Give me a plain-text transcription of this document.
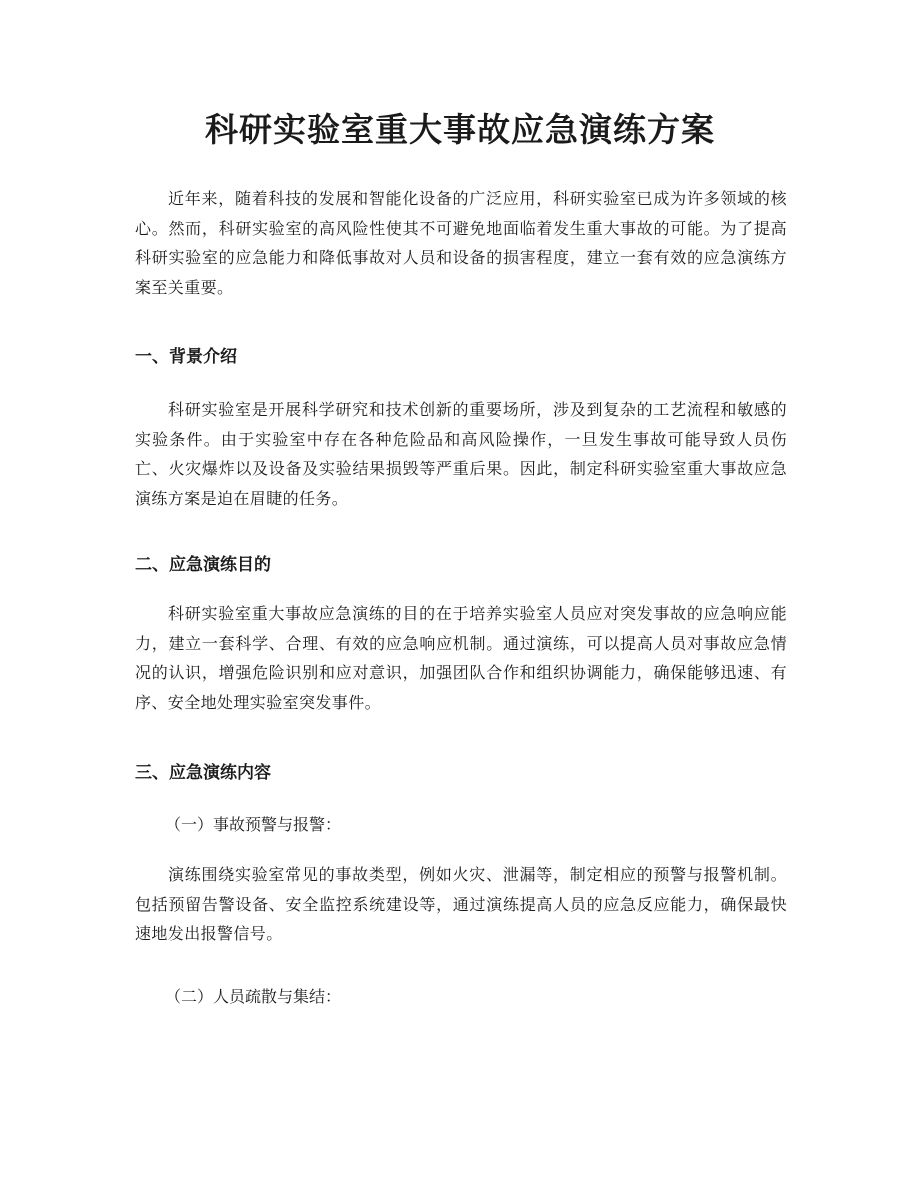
科研实验室重大事故应急演练方案

近年来，随着科技的发展和智能化设备的广泛应用，科研实验室已成为许多领域的核心。然而，科研实验室的高风险性使其不可避免地面临着发生重大事故的可能。为了提高科研实验室的应急能力和降低事故对人员和设备的损害程度，建立一套有效的应急演练方案至关重要。

一、背景介绍

科研实验室是开展科学研究和技术创新的重要场所，涉及到复杂的工艺流程和敏感的实验条件。由于实验室中存在各种危险品和高风险操作，一旦发生事故可能导致人员伤亡、火灾爆炸以及设备及实验结果损毁等严重后果。因此，制定科研实验室重大事故应急演练方案是迫在眉睫的任务。

二、应急演练目的

科研实验室重大事故应急演练的目的在于培养实验室人员应对突发事故的应急响应能力，建立一套科学、合理、有效的应急响应机制。通过演练，可以提高人员对事故应急情况的认识，增强危险识别和应对意识，加强团队合作和组织协调能力，确保能够迅速、有序、安全地处理实验室突发事件。

三、应急演练内容

（一）事故预警与报警：

演练围绕实验室常见的事故类型，例如火灾、泄漏等，制定相应的预警与报警机制。包括预留告警设备、安全监控系统建设等，通过演练提高人员的应急反应能力，确保最快速地发出报警信号。

（二）人员疏散与集结：
